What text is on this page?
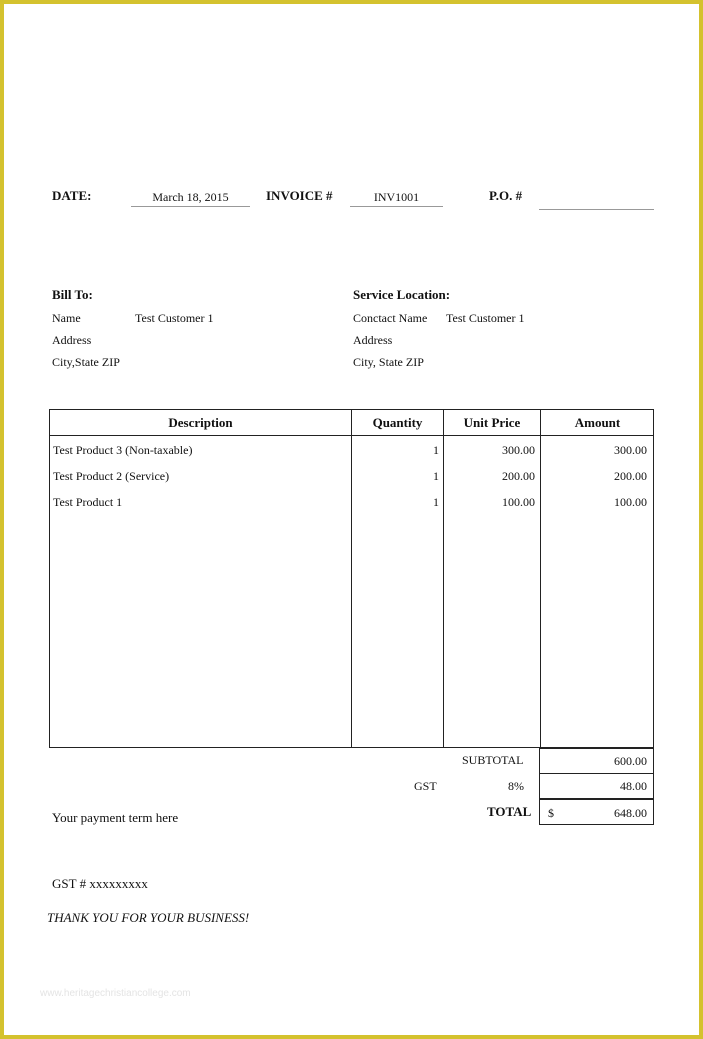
DATE:	March 18, 2015	INVOICE #	INV1001	P.O. #
Bill To:
Name	Test Customer 1
Address
City,State ZIP
Service Location:
Conctact Name Test Customer 1
Address
City, State ZIP
Description	Quantity	Unit Price	Amount
Test Product 3 (Non-taxable)	1	300.00	300.00
Test Product 2 (Service)	1	200.00	200.00
Test Product 1	1	100.00	100.00
SUBTOTAL	600.00
GST	8%	48.00
TOTAL $	648.00
Your payment term here
GST # xxxxxxxxx
THANK YOU FOR YOUR BUSINESS!
www.heritagechristiancollege.com
